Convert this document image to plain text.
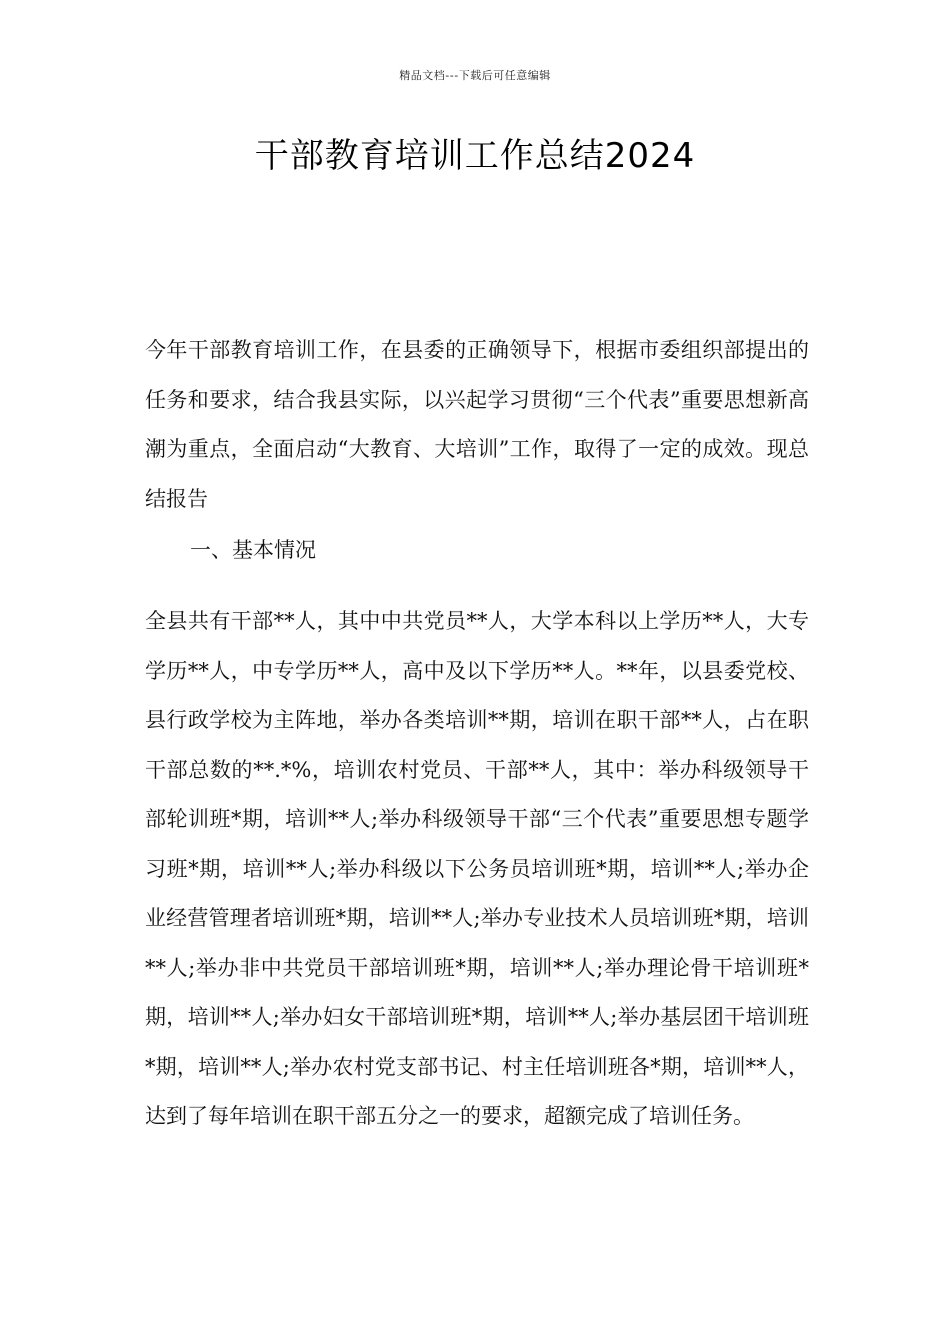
精品文档---下载后可任意编辑
干部教育培训工作总结2024

今年干部教育培训工作，在县委的正确领导下，根据市委组织部提出的任务和要求，结合我县实际，以兴起学习贯彻“三个代表”重要思想新高潮为重点，全面启动“大教育、大培训”工作，取得了一定的成效。现总结报告

一、基本情况

全县共有干部**人，其中中共党员**人，大学本科以上学历**人，大专学历**人，中专学历**人，高中及以下学历**人。**年，以县委党校、县行政学校为主阵地，举办各类培训**期，培训在职干部**人，占在职干部总数的**.*%，培训农村党员、干部**人，其中：举办科级领导干部轮训班*期，培训**人;举办科级领导干部“三个代表”重要思想专题学习班*期，培训**人;举办科级以下公务员培训班*期，培训**人;举办企业经营管理者培训班*期，培训**人;举办专业技术人员培训班*期，培训**人;举办非中共党员干部培训班*期，培训**人;举办理论骨干培训班*期，培训**人;举办妇女干部培训班*期，培训**人;举办基层团干培训班*期，培训**人;举办农村党支部书记、村主任培训班各*期，培训**人，达到了每年培训在职干部五分之一的要求，超额完成了培训任务。
